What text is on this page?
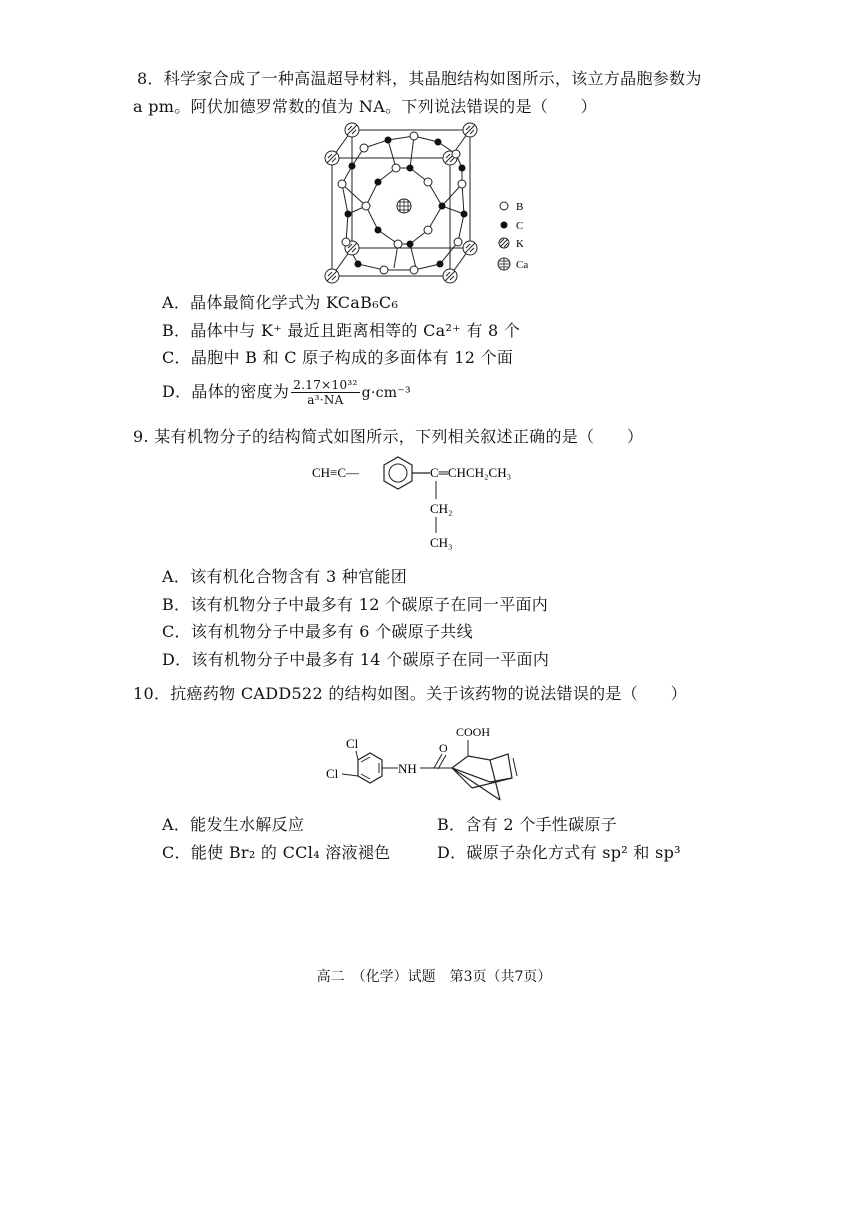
8．科学家合成了一种高温超导材料，其晶胞结构如图所示，该立方晶胞参数为
a pm。阿伏加德罗常数的值为 NA。下列说法错误的是（　　）
B
C
K
Ca
A．晶体最简化学式为 KCaB₆C₆
B．晶体中与 K⁺ 最近且距离相等的 Ca²⁺ 有 8 个
C．晶胞中 B 和 C 原子构成的多面体有 12 个面
D．晶体的密度为 $\frac{\text{2.17×10³²}}{\text{a³·NA}} g\cdot cm^{-3}$
9. 某有机物分子的结构简式如图所示，下列相关叙述正确的是（　　）
CH≡C—	C═CHCH₂CH₃
CH₂
CH₃
A．该有机化合物含有 3 种官能团
B．该有机物分子中最多有 12 个碳原子在同一平面内
C．该有机物分子中最多有 6 个碳原子共线
D．该有机物分子中最多有 14 个碳原子在同一平面内
10．抗癌药物 CADD522 的结构如图。关于该药物的说法错误的是（　　）
Cl
Cl	NH
O
COOH
A．能发生水解反应	B．含有 2 个手性碳原子
C．能使 Br₂ 的 CCl₄ 溶液褪色	D．碳原子杂化方式有 sp² 和 sp³
高二　（化学）试题　第3页（共7页）
